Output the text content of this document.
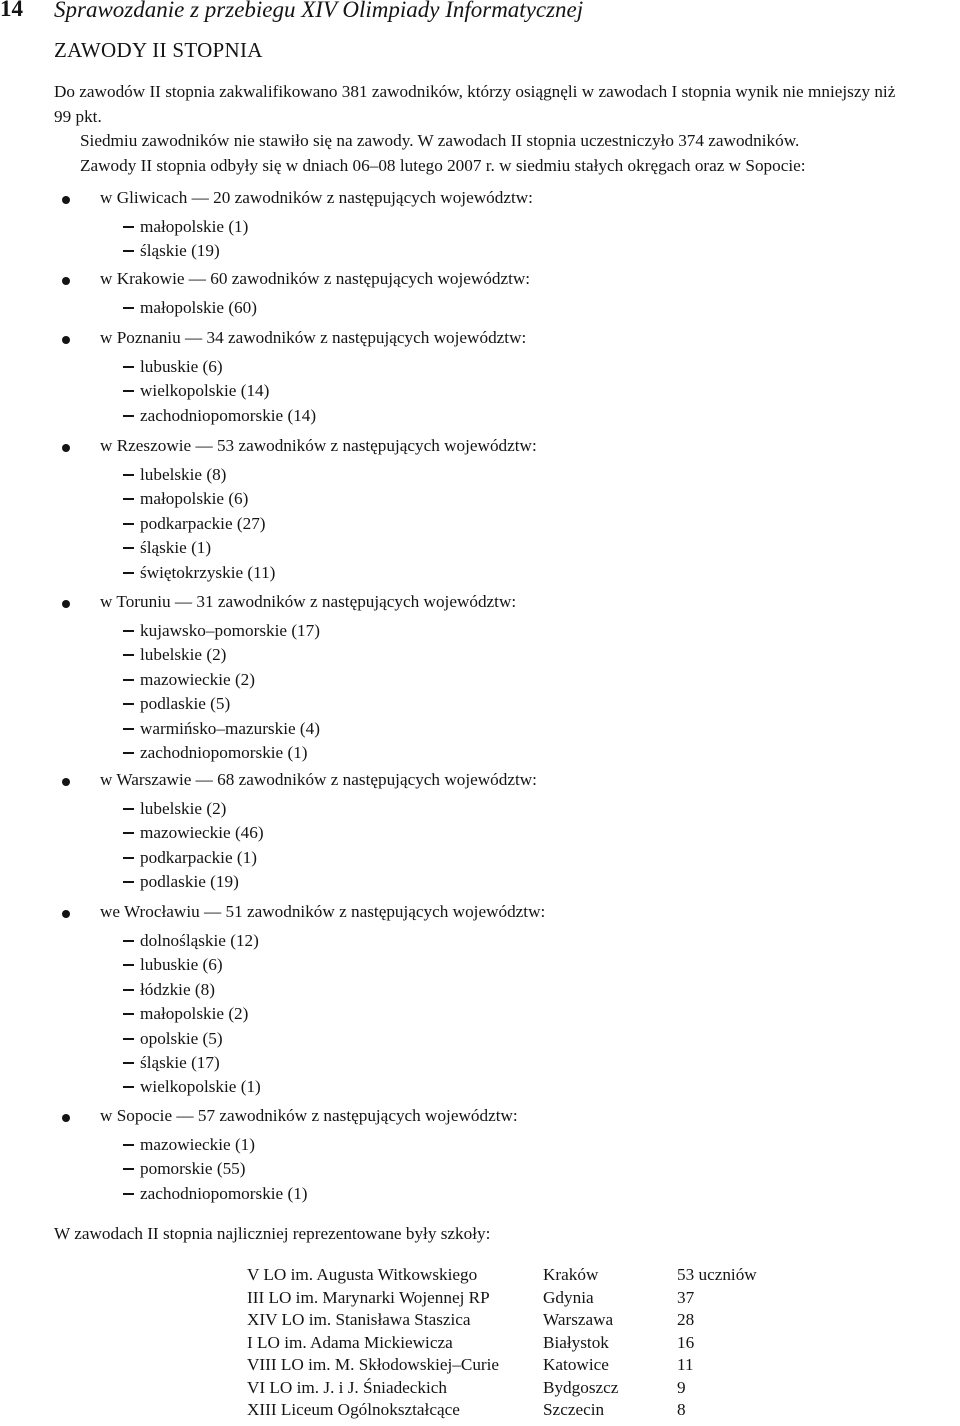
14 Sprawozdanie z przebiegu XIV Olimpiady Informatycznej
ZAWODY II STOPNIA

Do zawodów II stopnia zakwalifikowano 381 zawodników, którzy osiągnęli w zawodach I stopnia wynik nie mniejszy niż

99 pkt.

Siedmiu zawodników nie stawiło się na zawody. W zawodach II stopnia uczestniczyło 374 zawodników.

Zawody II stopnia odbyły się w dniach 06–08 lutego 2007 r. w siedmiu stałych okręgach oraz w Sopocie:

w Gliwicach — 20 zawodników z następujących województw:
małopolskie (1)
śląskie (19)
w Krakowie — 60 zawodników z następujących województw:
małopolskie (60)
w Poznaniu — 34 zawodników z następujących województw:
lubuskie (6)
wielkopolskie (14)
zachodniopomorskie (14)
w Rzeszowie — 53 zawodników z następujących województw:
lubelskie (8)
małopolskie (6)
podkarpackie (27)
śląskie (1)
świętokrzyskie (11)
w Toruniu — 31 zawodników z następujących województw:
kujawsko–pomorskie (17)
lubelskie (2)
mazowieckie (2)
podlaskie (5)
warmińsko–mazurskie (4)
zachodniopomorskie (1)
w Warszawie — 68 zawodników z następujących województw:
lubelskie (2)
mazowieckie (46)
podkarpackie (1)
podlaskie (19)
we Wrocławiu — 51 zawodników z następujących województw:
dolnośląskie (12)
lubuskie (6)
łódzkie (8)
małopolskie (2)
opolskie (5)
śląskie (17)
wielkopolskie (1)
w Sopocie — 57 zawodników z następujących województw:
mazowieckie (1)
pomorskie (55)
zachodniopomorskie (1)
W zawodach II stopnia najliczniej reprezentowane były szkoły:
V LO im. Augusta Witkowskiego	Kraków	53 uczniów
III LO im. Marynarki Wojennej RP	Gdynia	37
XIV LO im. Stanisława Staszica	Warszawa	28
I LO im. Adama Mickiewicza	Białystok	16
VIII LO im. M. Skłodowskiej–Curie	Katowice	11
VI LO im. J. i J. Śniadeckich	Bydgoszcz	9
XIII Liceum Ogólnokształcące	Szczecin	8
